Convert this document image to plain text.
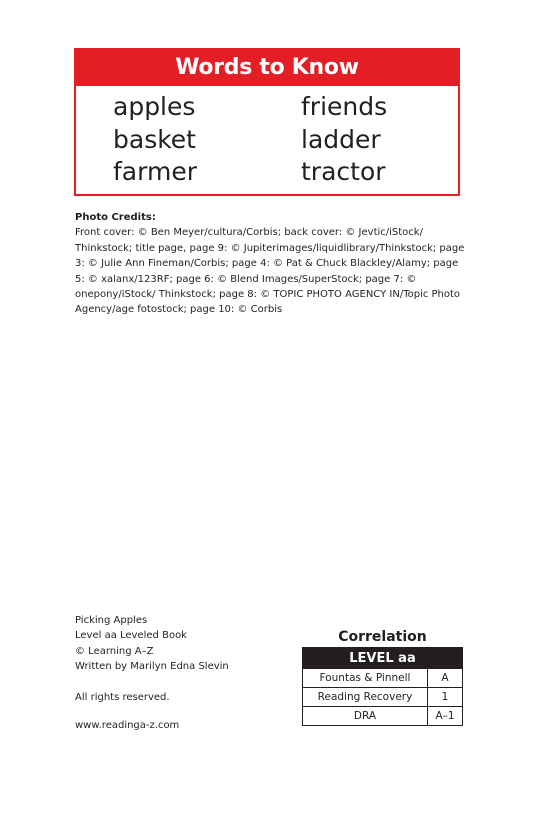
Words to Know
apples
basket
farmer
friends
ladder
tractor
Photo Credits:
Front cover: © Ben Meyer/cultura/Corbis; back cover: © Jevtic/iStock/ Thinkstock; title page, page 9: © Jupiterimages/liquidlibrary/Thinkstock; page 3: © Julie Ann Fineman/Corbis; page 4: © Pat & Chuck Blackley/Alamy; page 5: © xalanx/123RF; page 6: © Blend Images/SuperStock; page 7: © onepony/iStock/ Thinkstock; page 8: © TOPIC PHOTO AGENCY IN/Topic Photo Agency/age fotostock; page 10: © Corbis
Picking Apples
Level aa Leveled Book
© Learning A–Z
Written by Marilyn Edna Slevin
All rights reserved.
www.readinga-z.com
Correlation
LEVEL aa	
Fountas & Pinnell	A
Reading Recovery	1
DRA	A–1
